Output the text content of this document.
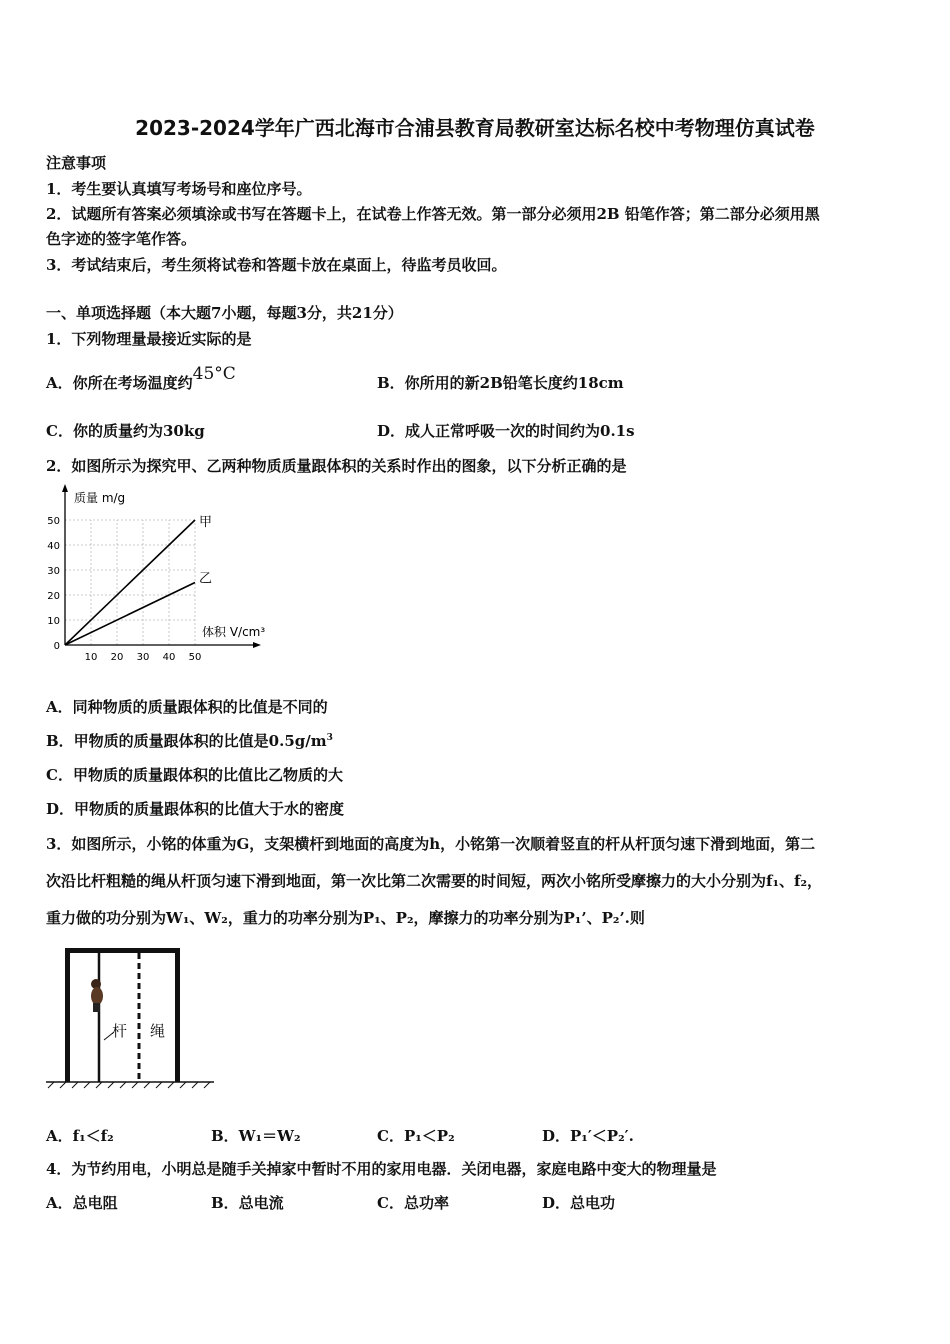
2023-2024学年广西北海市合浦县教育局教研室达标名校中考物理仿真试卷
注意事项
1．考生要认真填写考场号和座位序号。
2．试题所有答案必须填涂或书写在答题卡上，在试卷上作答无效。第一部分必须用2B 铅笔作答；第二部分必须用黑
色字迹的签字笔作答。
3．考试结束后，考生须将试卷和答题卡放在桌面上，待监考员收回。
一、单项选择题（本大题7小题，每题3分，共21分）
1．下列物理量最接近实际的是
A．你所在考场温度约45°C	B．你所用的新2B铅笔长度约18cm
C．你的质量约为30kg	D．成人正常呼吸一次的时间约为0.1s
2．如图所示为探究甲、乙两种物质质量跟体积的关系时作出的图象，以下分析正确的是
质量 m/g
体积 V/cm³
0
10
20
30
40
50
10 20 30 40 50
甲
乙
A．同种物质的质量跟体积的比值是不同的
B．甲物质的质量跟体积的比值是$0.5g/m^3$
C．甲物质的质量跟体积的比值比乙物质的大
D．甲物质的质量跟体积的比值大于水的密度
3．如图所示，小铭的体重为G，支架横杆到地面的高度为h，小铭第一次顺着竖直的杆从杆顶匀速下滑到地面，第二
次沿比杆粗糙的绳从杆顶匀速下滑到地面，第一次比第二次需要的时间短，两次小铭所受摩擦力的大小分别为f₁、f₂，
重力做的功分别为W₁、W₂，重力的功率分别为P₁、P₂，摩擦力的功率分别为P₁’、P₂’.则
杆 绳
A．f₁＜f₂	B．W₁＝W₂	C．P₁＜P₂	D．P₁′＜P₂′.
4．为节约用电，小明总是随手关掉家中暂时不用的家用电器．关闭电器，家庭电路中变大的物理量是
A．总电阻	B．总电流	C．总功率	D．总电功
